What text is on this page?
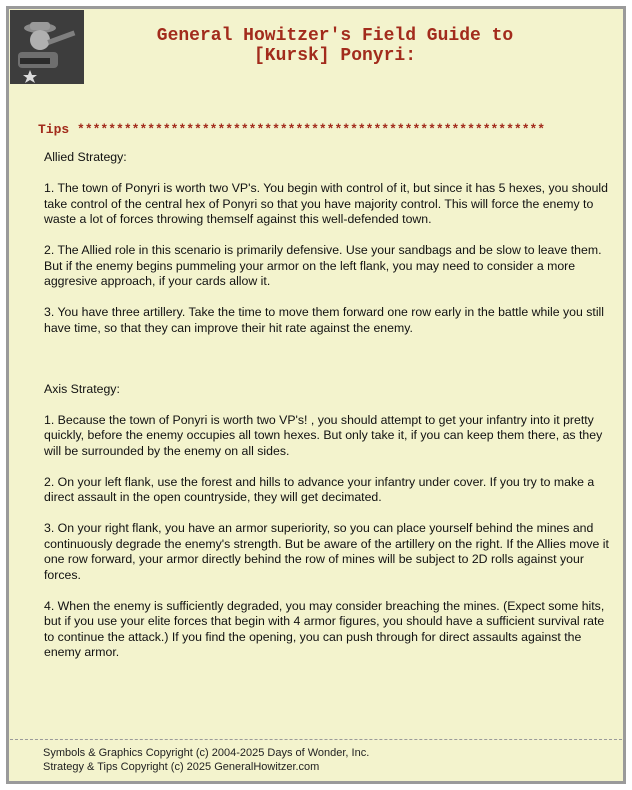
General Howitzer's Field Guide to
[Kursk] Ponyri:
Tips ************************************************************

Allied Strategy:

1. The town of Ponyri is worth two VP's. You begin with control of it, but since it has 5 hexes, you should take control of the central hex of Ponyri so that you have majority control. This will force the enemy to waste a lot of forces throwing themself against this well-defended town.

2. The Allied role in this scenario is primarily defensive. Use your sandbags and be slow to leave them. But if the enemy begins pummeling your armor on the left flank, you may need to consider a more aggresive approach, if your cards allow it.

3. You have three artillery. Take the time to move them forward one row early in the battle while you still have time, so that they can improve their hit rate against the enemy.

Axis Strategy:

1. Because the town of Ponyri is worth two VP's! , you should attempt to get your infantry into it pretty quickly, before the enemy occupies all town hexes. But only take it, if you can keep them there, as they will be surrounded by the enemy on all sides.

2. On your left flank, use the forest and hills to advance your infantry under cover. If you try to make a direct assault in the open countryside, they will get decimated.

3. On your right flank, you have an armor superiority, so you can place yourself behind the mines and continuously degrade the enemy's strength. But be aware of the artillery on the right. If the Allies move it one row forward, your armor directly behind the row of mines will be subject to 2D rolls against your forces.

4. When the enemy is sufficiently degraded, you may consider breaching the mines. (Expect some hits, but if you use your elite forces that begin with 4 armor figures, you should have a sufficient survival rate to continue the attack.) If you find the opening, you can push through for direct assaults against the enemy armor.

Symbols & Graphics Copyright (c) 2004-2025 Days of Wonder, Inc.
Strategy & Tips Copyright (c) 2025 GeneralHowitzer.com
